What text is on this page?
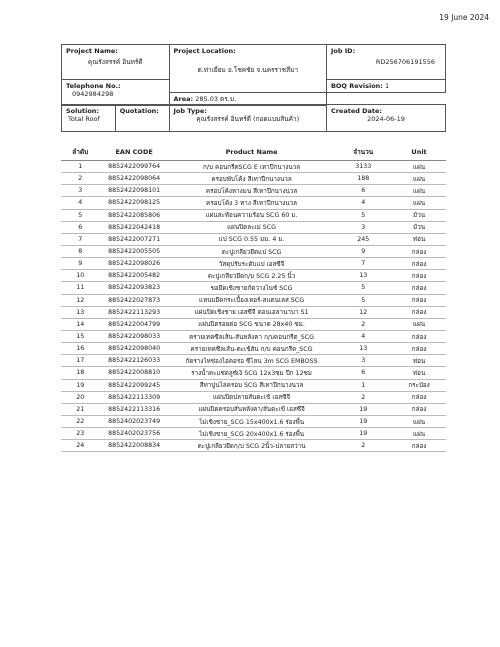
19 June 2024
Project Name:
คุณรังสรรค์ อินทร์ดี	Project Location:
ต.ท่าเยี่ยม อ.โชคชัย จ.นครราชสีมา	Job ID:
RD256706191556

Telephone No.:
0942984298		BOQ Revision: 1
	Area: 285.03 ตร.ม.	
Solution:
Total Roof

Quotation:	Job Type:
คุณรังสรรค์ อินทร์ดี (กอดแบมสินค้า)

Created Date:
2024-06-19
ลำดับ	EAN CODE	Product Name	จำนวน	Unit
1	8852422099764	ก/บ คอนกรีตSCG E เทาปีกนางนวล	3133	แผ่น
2	8852422098064	ครอบพับโค้ง สีเทาปีกนางนวล	188	แผ่น
3	8852422098101	ครอบโค้งหางมน สีเทาปีกนางนวล	6	แผ่น
4	8852422098125	ครอบโค้ง 3 ทาง สีเทาปีกนางนวล	4	แผ่น
5	8852422085806	แผ่นสะท้อนความร้อน SCG 60 ม.	5	ม้วน
6	8852422042418	แผ่นปิดละเม่ SCG	3	ม้วน
7	8852422007271	แป SCG 0.55 มม. 4 ม.	245	ท่อน
8	8852422005505	ตะปูเกลียวยึดแป SCG	9	กล่อง
9	8852422098026	วัสดุปรับระดับแป เอสซีจี	7	กล่อง
10	8852422005482	ตะปูเกลียวยึดก/บ SCG 2.25 นิ้ว	13	กล่อง
11	8852422093823	ขอยึดเชิงชายกัดวางไนซ์ SCG	5	กล่อง
12	8852422027873	แหนบยึดกระเบื้องเทอร์-สแตนเลส SCG	5	กล่อง
13	8852422113293	แผ่นปิดเชิงชาย เอสซีจี ตอนเอลานาบา S1	12	กล่อง
14	8852422004799	แผ่นปิดรอยต่อ SCG ขนาด 28x40 ซม.	2	แผ่น
15	8852422098033	ครายเทคซีลเส้น-สันหลังคา ก/บคอนกรีต_SCG	4	กล่อง
16	8852422098040	ครายเทคซีลเส้น-ตะเข้สัน ก/บ คอนกรีต_SCG	13	กล่อง
17	8852422126033	กัดรางไหช่องไอ่คอรอ ซีไลน 3m SCG EMBOSS	3	ท่อน
18	8852422008810	รางน้ำตะแช่ดลูซ์เงิ SCG 12x3ซม ปีก 12ซม	6	ท่อน
19	8852422099245	สีทาปูนไล่ครอบ SCG สีเทาปีกนางนวล	1	กระป๋อง
20	8852422113309	แผ่นปิดปลายสันตะเข้ เอสซีจี	2	กล่อง
21	8852422113316	แผ่นปิดครอบสันหลังคา/สันตะเข้ เอสซีจี	19	กล่อง
22	8852402023749	ไม่เชิงชาย_SCG 15x400x1.6 ร่องพื้น	19	แผ่น
23	8852402023756	ไม่เชิงชาย_SCG 20x400x1.6 ร่องพื้น	19	แผ่น
24	8852422008834	ตะปูเกลียวยึดก/บ SCG 2นิ้ว-ปลายสว่าน	2	กล่อง
